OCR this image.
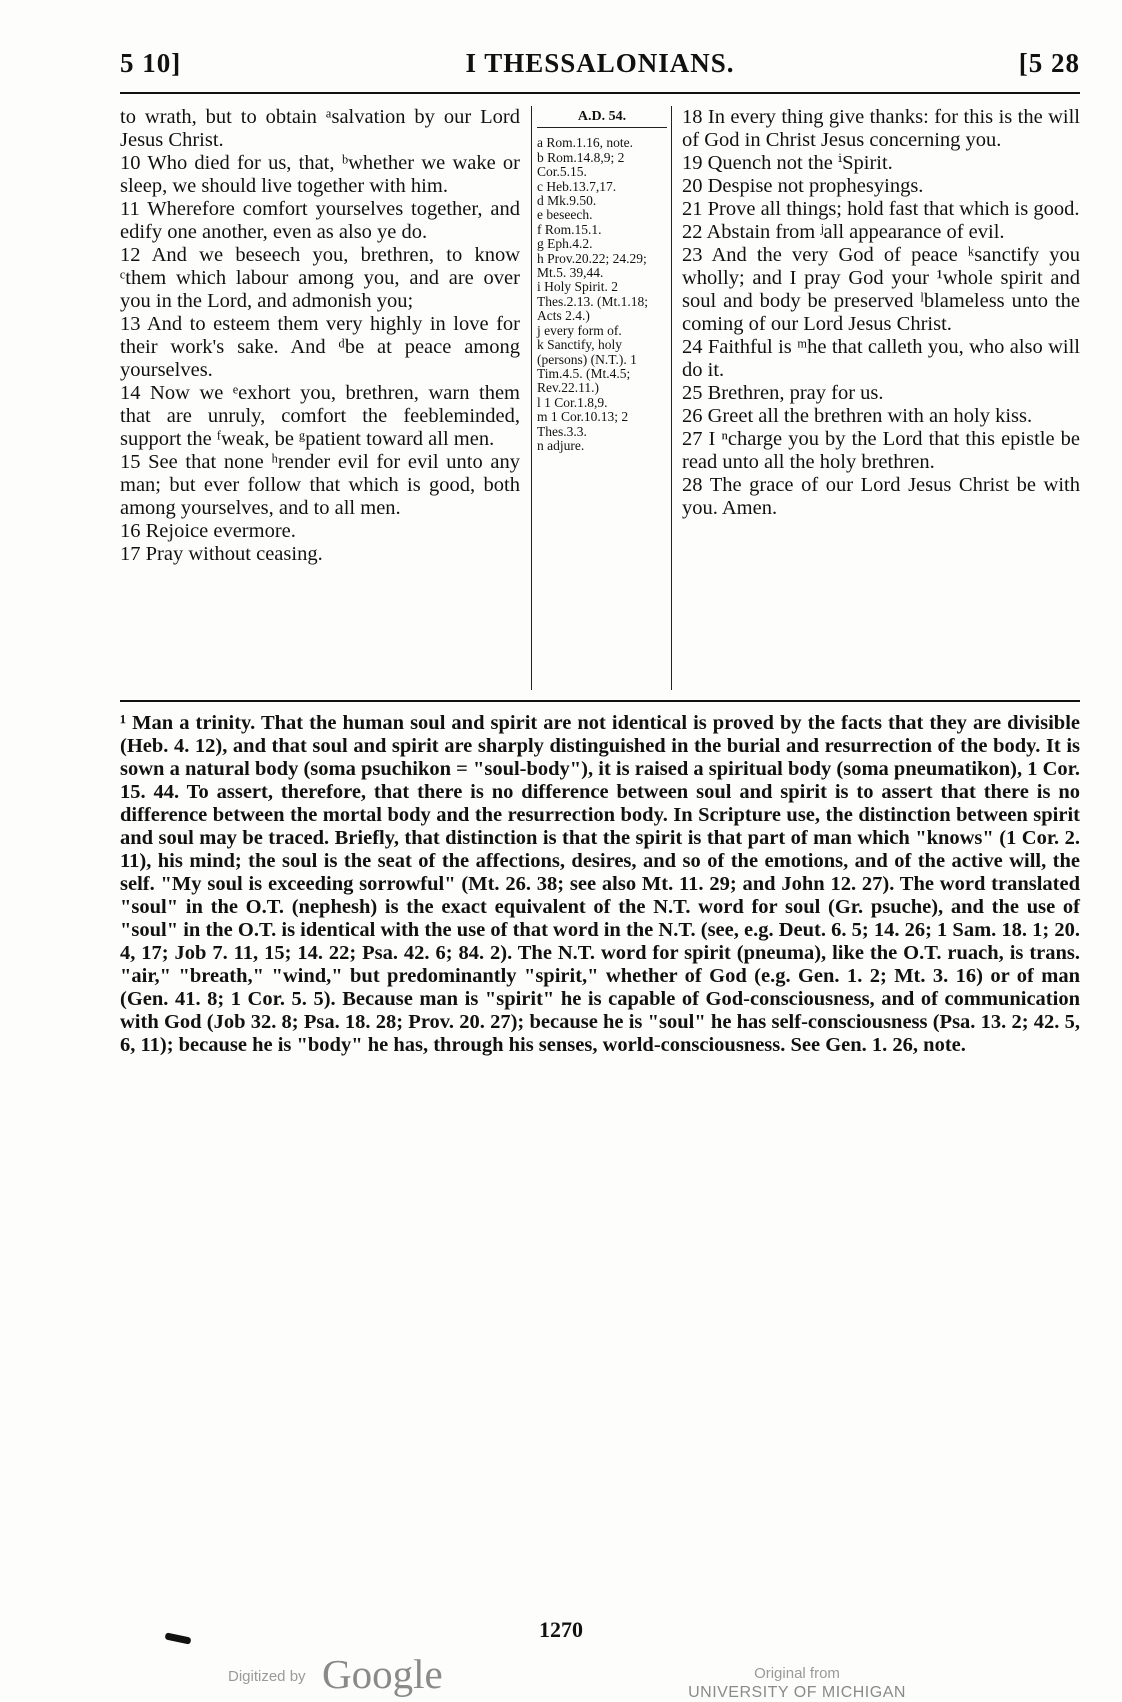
5 10]	I THESSALONIANS.	[5 28

to wrath, but to obtain ᵃsalvation by our Lord Jesus Christ.

10 Who died for us, that, ᵇwhether we wake or sleep, we should live together with him.

11 Wherefore comfort yourselves together, and edify one another, even as also ye do.

12 And we beseech you, brethren, to know ᶜthem which labour among you, and are over you in the Lord, and admonish you;

13 And to esteem them very highly in love for their work's sake. And ᵈbe at peace among yourselves.

14 Now we ᵉexhort you, brethren, warn them that are unruly, comfort the feebleminded, support the ᶠweak, be ᵍpatient toward all men.

15 See that none ʰrender evil for evil unto any man; but ever follow that which is good, both among yourselves, and to all men.

16 Rejoice evermore.

17 Pray without ceasing.

A.D. 54.
a Rom.1.16, note.
b Rom.14.8,9; 2 Cor.5.15.
c Heb.13.7,17.
d Mk.9.50.
e beseech.
f Rom.15.1.
g Eph.4.2.
h Prov.20.22; 24.29; Mt.5. 39,44.
i Holy Spirit. 2 Thes.2.13. (Mt.1.18; Acts 2.4.)
j every form of.
k Sanctify, holy (persons) (N.T.). 1 Tim.4.5. (Mt.4.5; Rev.22.11.)
l 1 Cor.1.8,9.
m 1 Cor.10.13; 2 Thes.3.3.
n adjure.

18 In every thing give thanks: for this is the will of God in Christ Jesus concerning you.

19 Quench not the ⁱSpirit.

20 Despise not prophesyings.

21 Prove all things; hold fast that which is good.

22 Abstain from ʲall appearance of evil.

23 And the very God of peace ᵏsanctify you wholly; and I pray God your ¹whole spirit and soul and body be preserved ˡblameless unto the coming of our Lord Jesus Christ.

24 Faithful is ᵐhe that calleth you, who also will do it.

25 Brethren, pray for us.

26 Greet all the brethren with an holy kiss.

27 I ⁿcharge you by the Lord that this epistle be read unto all the holy brethren.

28 The grace of our Lord Jesus Christ be with you. Amen.

¹ Man a trinity. That the human soul and spirit are not identical is proved by the facts that they are divisible (Heb. 4. 12), and that soul and spirit are sharply distinguished in the burial and resurrection of the body. It is sown a natural body (soma psuchikon = "soul-body"), it is raised a spiritual body (soma pneumatikon), 1 Cor. 15. 44. To assert, therefore, that there is no difference between soul and spirit is to assert that there is no difference between the mortal body and the resurrection body. In Scripture use, the distinction between spirit and soul may be traced. Briefly, that distinction is that the spirit is that part of man which "knows" (1 Cor. 2. 11), his mind; the soul is the seat of the affections, desires, and so of the emotions, and of the active will, the self. "My soul is exceeding sorrowful" (Mt. 26. 38; see also Mt. 11. 29; and John 12. 27). The word translated "soul" in the O.T. (nephesh) is the exact equivalent of the N.T. word for soul (Gr. psuche), and the use of "soul" in the O.T. is identical with the use of that word in the N.T. (see, e.g. Deut. 6. 5; 14. 26; 1 Sam. 18. 1; 20. 4, 17; Job 7. 11, 15; 14. 22; Psa. 42. 6; 84. 2). The N.T. word for spirit (pneuma), like the O.T. ruach, is trans. "air," "breath," "wind," but predominantly "spirit," whether of God (e.g. Gen. 1. 2; Mt. 3. 16) or of man (Gen. 41. 8; 1 Cor. 5. 5). Because man is "spirit" he is capable of God-consciousness, and of communication with God (Job 32. 8; Psa. 18. 28; Prov. 20. 27); because he is "soul" he has self-consciousness (Psa. 13. 2; 42. 5, 6, 11); because he is "body" he has, through his senses, world-consciousness. See Gen. 1. 26, note.
1270
Digitized by Google	Original from
UNIVERSITY OF MICHIGAN
